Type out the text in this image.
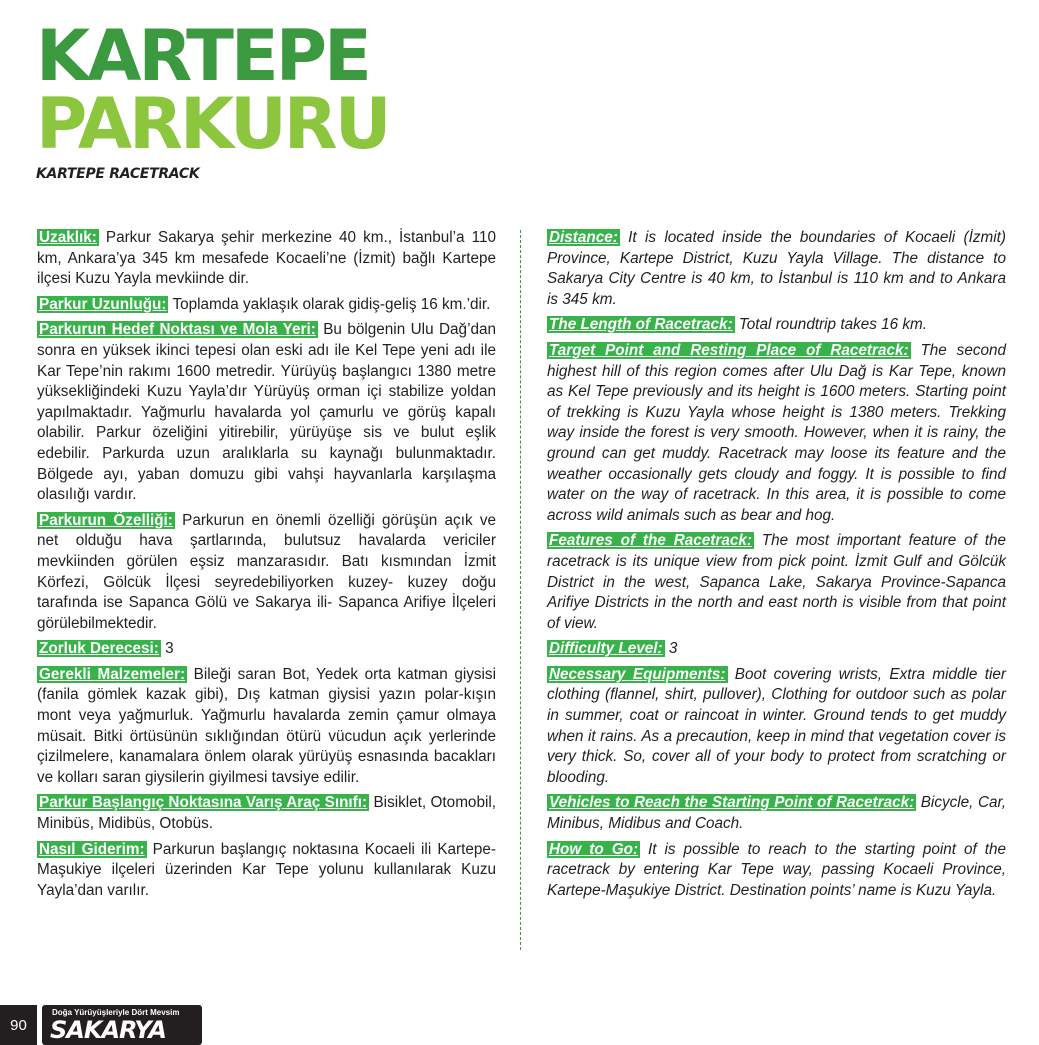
KARTEPE
PARKURU
KARTEPE RACETRACK

Uzaklık: Parkur Sakarya şehir merkezine 40 km., İstanbul’a 110 km, Ankara’ya 345 km mesafede Kocaeli’ne (İzmit) bağlı Kartepe ilçesi Kuzu Yayla mevkiinde dir.

Parkur Uzunluğu: Toplamda yaklaşık olarak gidiş-geliş 16 km.’dir.

Parkurun Hedef Noktası ve Mola Yeri: Bu bölgenin Ulu Dağ’dan sonra en yüksek ikinci tepesi olan eski adı ile Kel Tepe yeni adı ile Kar Tepe’nin rakımı 1600 metredir. Yürüyüş başlangıcı 1380 metre yüksekliğindeki Kuzu Yayla’dır Yürüyüş orman içi stabilize yoldan yapılmaktadır. Yağmurlu havalarda yol çamurlu ve görüş kapalı olabilir. Parkur özeliğini yitirebilir, yürüyüşe sis ve bulut eşlik edebilir. Parkurda uzun aralıklarla su kaynağı bulunmaktadır. Bölgede ayı, yaban domuzu gibi vahşi hayvanlarla karşılaşma olasılığı vardır.

Parkurun Özelliği: Parkurun en önemli özelliği görüşün açık ve net olduğu hava şartlarında, bulutsuz havalarda vericiler mevkiinden görülen eşsiz manzarasıdır. Batı kısmından İzmit Körfezi, Gölcük İlçesi seyredebiliyorken kuzey- kuzey doğu tarafında ise Sapanca Gölü ve Sakarya ili- Sapanca Arifiye İlçeleri görülebilmektedir.

Zorluk Derecesi: 3

Gerekli Malzemeler: Bileği saran Bot, Yedek orta katman giysisi (fanila gömlek kazak gibi), Dış katman giysisi yazın polar-kışın mont veya yağmurluk. Yağmurlu havalarda zemin çamur olmaya müsait. Bitki örtüsünün sıklığından ötürü vücudun açık yerlerinde çizilmelere, kanamalara önlem olarak yürüyüş esnasında bacakları ve kolları saran giysilerin giyilmesi tavsiye edilir.

Parkur Başlangıç Noktasına Varış Araç Sınıfı: Bisiklet, Otomobil, Minibüs, Midibüs, Otobüs.

Nasıl Giderim: Parkurun başlangıç noktasına Kocaeli ili Kartepe-Maşukiye ilçeleri üzerinden Kar Tepe yolunu kullanılarak Kuzu Yayla’dan varılır.

Distance: It is located inside the boundaries of Kocaeli (İzmit) Province, Kartepe District, Kuzu Yayla Village. The distance to Sakarya City Centre is 40 km, to İstanbul is 110 km and to Ankara is 345 km.

The Length of Racetrack: Total roundtrip takes 16 km.

Target Point and Resting Place of Racetrack: The second highest hill of this region comes after Ulu Dağ is Kar Tepe, known as Kel Tepe previously and its height is 1600 meters. Starting point of trekking is Kuzu Yayla whose height is 1380 meters. Trekking way inside the forest is very smooth. However, when it is rainy, the ground can get muddy. Racetrack may loose its feature and the weather occasionally gets cloudy and foggy. It is possible to find water on the way of racetrack. In this area, it is possible to come across wild animals such as bear and hog.

Features of the Racetrack: The most important feature of the racetrack is its unique view from pick point. İzmit Gulf and Gölcük District in the west, Sapanca Lake, Sakarya Province-Sapanca Arifiye Districts in the north and east north is visible from that point of view.

Difficulty Level: 3

Necessary Equipments: Boot covering wrists, Extra middle tier clothing (flannel, shirt, pullover), Clothing for outdoor such as polar in summer, coat or raincoat in winter. Ground tends to get muddy when it rains. As a precaution, keep in mind that vegetation cover is very thick. So, cover all of your body to protect from scratching or blooding.

Vehicles to Reach the Starting Point of Racetrack: Bicycle, Car, Minibus, Midibus and Coach.

How to Go: It is possible to reach to the starting point of the racetrack by entering Kar Tepe way, passing Kocaeli Province, Kartepe-Maşukiye District. Destination points’ name is Kuzu Yayla.

90
Doğa Yürüyüşleriyle Dört Mevsim
SAKARYA
